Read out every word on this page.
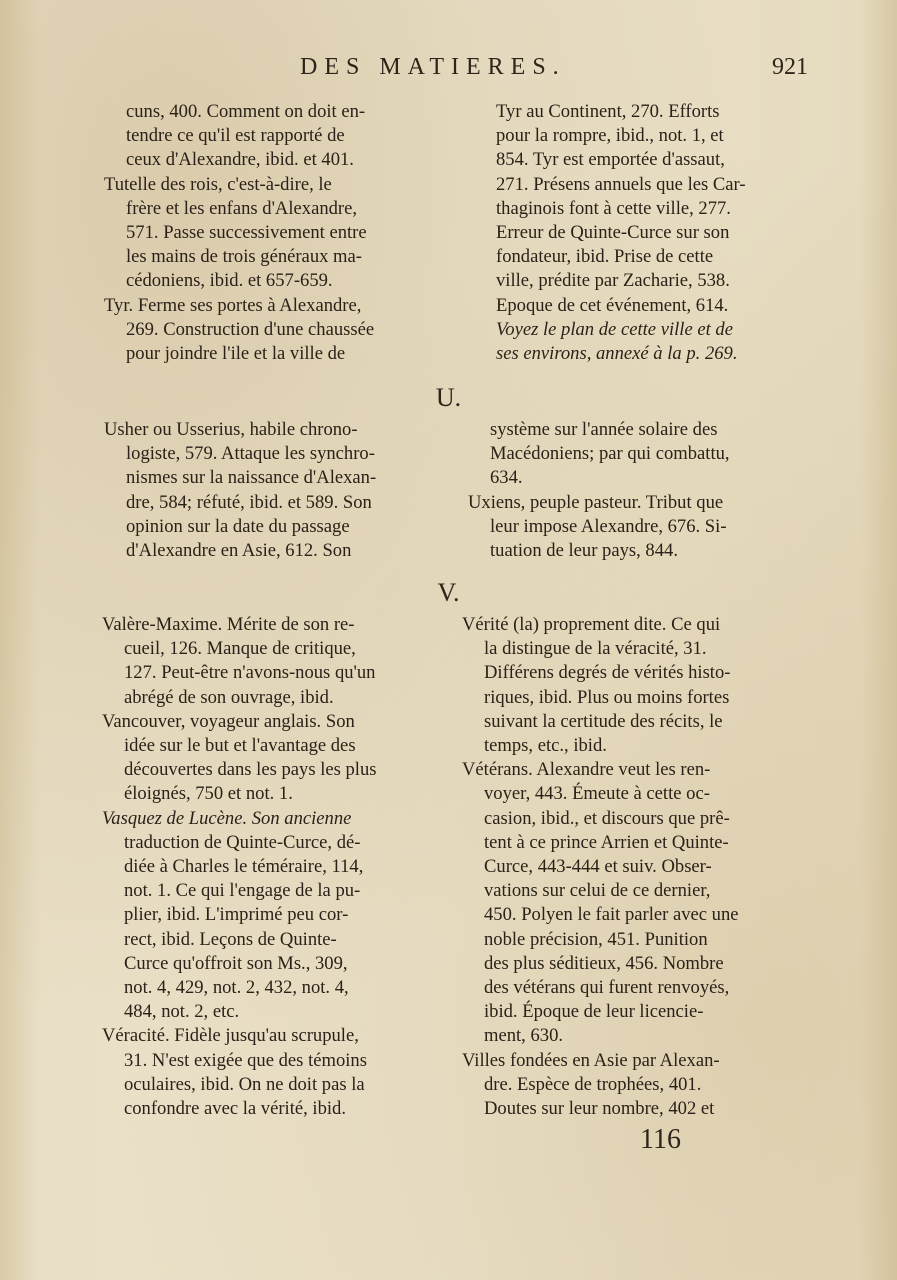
DES MATIERES.	921

cuns, 400. Comment on doit en-
tendre ce qu'il est rapporté de
ceux d'Alexandre, ibid. et 401.

Tutelle des rois, c'est-à-dire, le
frère et les enfans d'Alexandre,
571. Passe successivement entre
les mains de trois généraux ma-
cédoniens, ibid. et 657-659.

Tyr. Ferme ses portes à Alexandre,
269. Construction d'une chaussée
pour joindre l'ile et la ville de

Tyr au Continent, 270. Efforts
pour la rompre, ibid., not. 1, et
854. Tyr est emportée d'assaut,
271. Présens annuels que les Car-
thaginois font à cette ville, 277.
Erreur de Quinte-Curce sur son
fondateur, ibid. Prise de cette
ville, prédite par Zacharie, 538.
Epoque de cet événement, 614.
Voyez le plan de cette ville et de
ses environs, annexé à la p. 269.

U.

Usher ou Usserius, habile chrono-
logiste, 579. Attaque les synchro-
nismes sur la naissance d'Alexan-
dre, 584; réfuté, ibid. et 589. Son
opinion sur la date du passage
d'Alexandre en Asie, 612. Son

système sur l'année solaire des
Macédoniens; par qui combattu,
634.

Uxiens, peuple pasteur. Tribut que
leur impose Alexandre, 676. Si-
tuation de leur pays, 844.

V.

Valère-Maxime. Mérite de son re-
cueil, 126. Manque de critique,
127. Peut-être n'avons-nous qu'un
abrégé de son ouvrage, ibid.

Vancouver, voyageur anglais. Son
idée sur le but et l'avantage des
découvertes dans les pays les plus
éloignés, 750 et not. 1.

Vasquez de Lucène. Son ancienne
traduction de Quinte-Curce, dé-
diée à Charles le téméraire, 114,
not. 1. Ce qui l'engage de la pu-
plier, ibid. L'imprimé peu cor-
rect, ibid. Leçons de Quinte-
Curce qu'offroit son Ms., 309,
not. 4, 429, not. 2, 432, not. 4,
484, not. 2, etc.

Véracité. Fidèle jusqu'au scrupule,
31. N'est exigée que des témoins
oculaires, ibid. On ne doit pas la
confondre avec la vérité, ibid.

Vérité (la) proprement dite. Ce qui
la distingue de la véracité, 31.
Différens degrés de vérités histo-
riques, ibid. Plus ou moins fortes
suivant la certitude des récits, le
temps, etc., ibid.

Vétérans. Alexandre veut les ren-
voyer, 443. Émeute à cette oc-
casion, ibid., et discours que prê-
tent à ce prince Arrien et Quinte-
Curce, 443-444 et suiv. Obser-
vations sur celui de ce dernier,
450. Polyen le fait parler avec une
noble précision, 451. Punition
des plus séditieux, 456. Nombre
des vétérans qui furent renvoyés,
ibid. Époque de leur licencie-
ment, 630.

Villes fondées en Asie par Alexan-
dre. Espèce de trophées, 401.
Doutes sur leur nombre, 402 et

116
